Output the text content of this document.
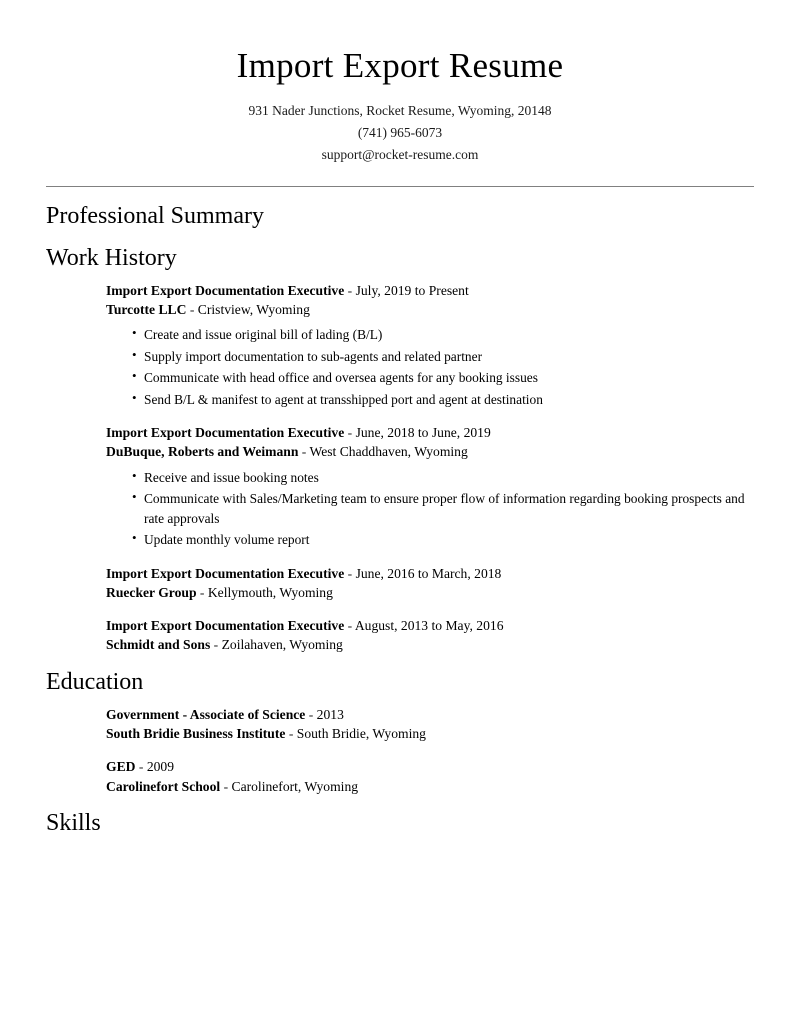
Import Export Resume
931 Nader Junctions, Rocket Resume, Wyoming, 20148
(741) 965-6073
support@rocket-resume.com
Professional Summary
Work History
Import Export Documentation Executive - July, 2019 to Present
Turcotte LLC - Cristview, Wyoming
• Create and issue original bill of lading (B/L)
• Supply import documentation to sub-agents and related partner
• Communicate with head office and oversea agents for any booking issues
• Send B/L & manifest to agent at transshipped port and agent at destination
Import Export Documentation Executive - June, 2018 to June, 2019
DuBuque, Roberts and Weimann - West Chaddhaven, Wyoming
• Receive and issue booking notes
• Communicate with Sales/Marketing team to ensure proper flow of information regarding booking prospects and rate approvals
• Update monthly volume report
Import Export Documentation Executive - June, 2016 to March, 2018
Ruecker Group - Kellymouth, Wyoming
Import Export Documentation Executive - August, 2013 to May, 2016
Schmidt and Sons - Zoilahaven, Wyoming
Education
Government - Associate of Science - 2013
South Bridie Business Institute - South Bridie, Wyoming
GED - 2009
Carolinefort School - Carolinefort, Wyoming
Skills
